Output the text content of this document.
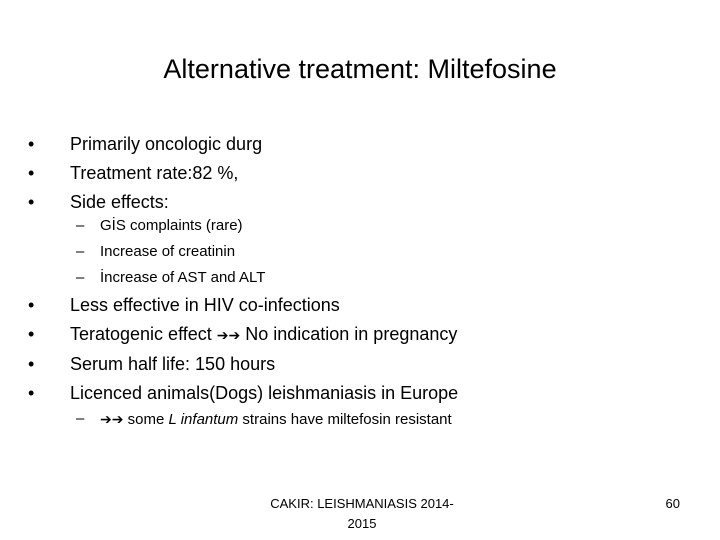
Alternative treatment: Miltefosine
• Primarily oncologic durg
• Treatment rate:82 %,
• Side effects:
– GİS complaints (rare)
– Increase of creatinin
– İncrease of AST and ALT
• Less effective in HIV co-infections
• Teratogenic effect ➔➔ No indication in pregnancy
• Serum half life: 150 hours
• Licenced animals(Dogs) leishmaniasis in Europe
– ➔➔ some L infantum strains have miltefosin resistant
CAKIR: LEISHMANIASIS 2014-
2015
60
